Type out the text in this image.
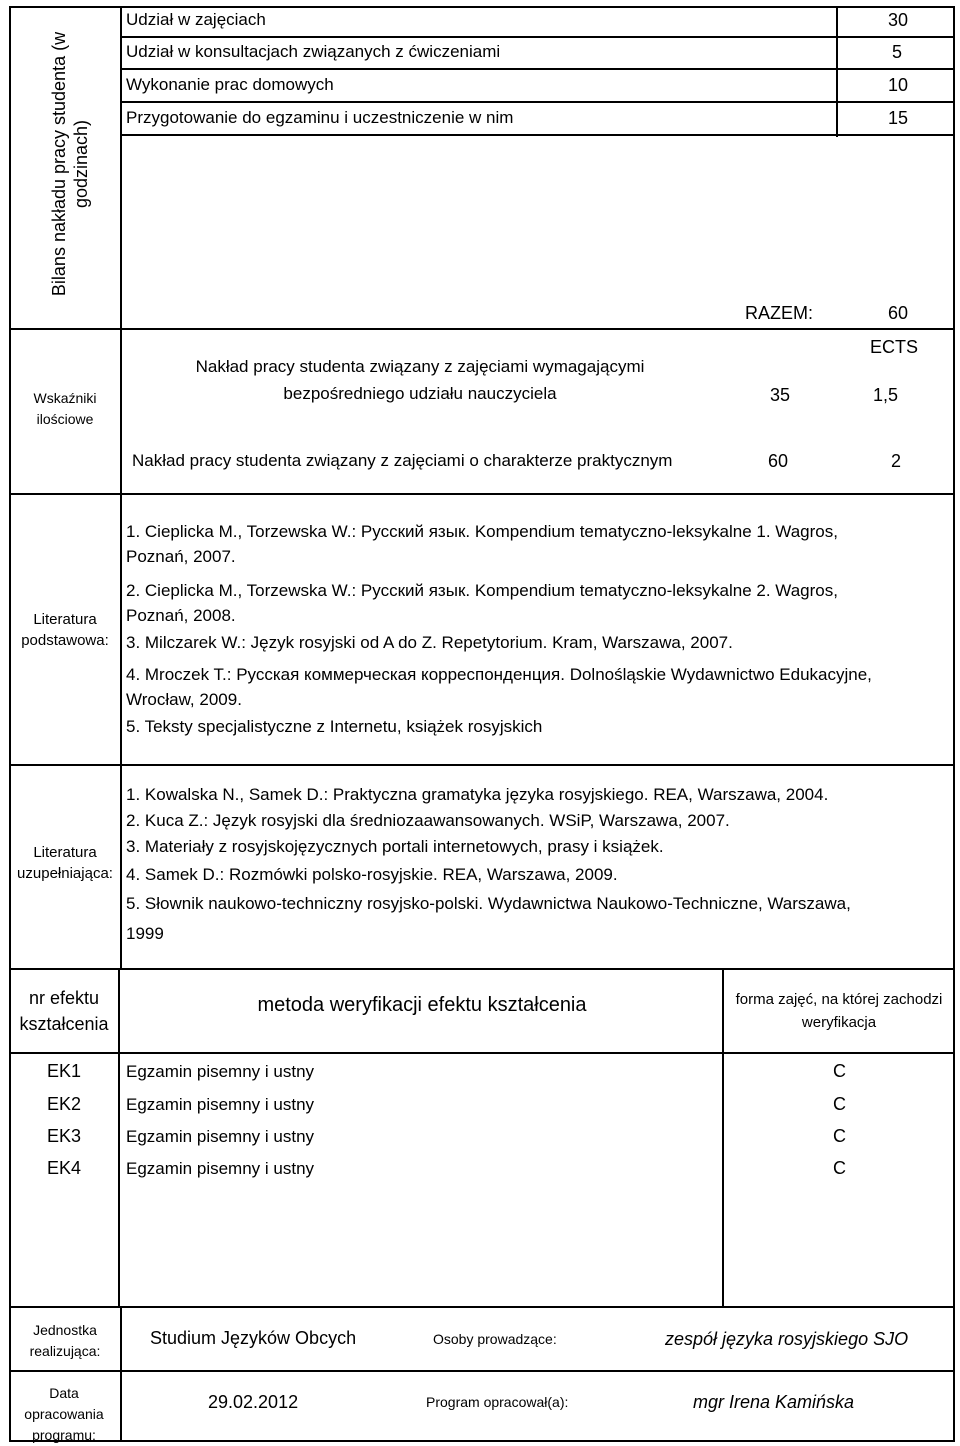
Bilans nakładu pracy studenta (w godzinach)
Udział w zajęciach	30
Udział w konsultacjach związanych z ćwiczeniami	5
Wykonanie prac domowych	10
Przygotowanie do egzaminu i uczestniczenie w nim	15
RAZEM:	60
Wskaźniki ilościowe
ECTS
Nakład pracy studenta związany z zajęciami wymagającymi bezpośredniego udziału nauczyciela	35	1,5
Nakład pracy studenta związany z zajęciami o charakterze praktycznym	60	2
Literatura podstawowa:
1. Cieplicka M., Torzewska W.: Русский язык. Kompendium tematyczno-leksykalne 1. Wagros,
Poznań, 2007.
2. Cieplicka M., Torzewska W.: Русский язык. Kompendium tematyczno-leksykalne 2. Wagros,
Poznań, 2008.
3. Milczarek W.: Język rosyjski od A do Z. Repetytorium. Kram, Warszawa, 2007.
4. Mroczek T.: Русская коммерческая корреспонденция. Dolnośląskie Wydawnictwo Edukacyjne,
Wrocław, 2009.
5. Teksty specjalistyczne z Internetu, książek rosyjskich
Literatura uzupełniająca:
1. Kowalska N., Samek D.: Praktyczna gramatyka języka rosyjskiego. REA, Warszawa, 2004.
2. Kuca Z.: Język rosyjski dla średniozaawansowanych. WSiP, Warszawa, 2007.
3. Materiały z rosyjskojęzycznych portali internetowych, prasy i książek.
4. Samek D.: Rozmówki polsko-rosyjskie. REA, Warszawa, 2009.
5. Słownik naukowo-techniczny rosyjsko-polski. Wydawnictwa Naukowo-Techniczne, Warszawa,
1999
nr efektu kształcenia
metoda weryfikacji efektu kształcenia	forma zajęć, na której zachodzi weryfikacja
EK1	Egzamin pisemny i ustny	C
EK2	Egzamin pisemny i ustny	C
EK3	Egzamin pisemny i ustny	C
EK4	Egzamin pisemny i ustny	C
Jednostka realizująca:
Studium Języków Obcych	Osoby prowadzące:	zespół języka rosyjskiego SJO
Data opracowania programu:
29.02.2012	Program opracował(a):	mgr Irena Kamińska
